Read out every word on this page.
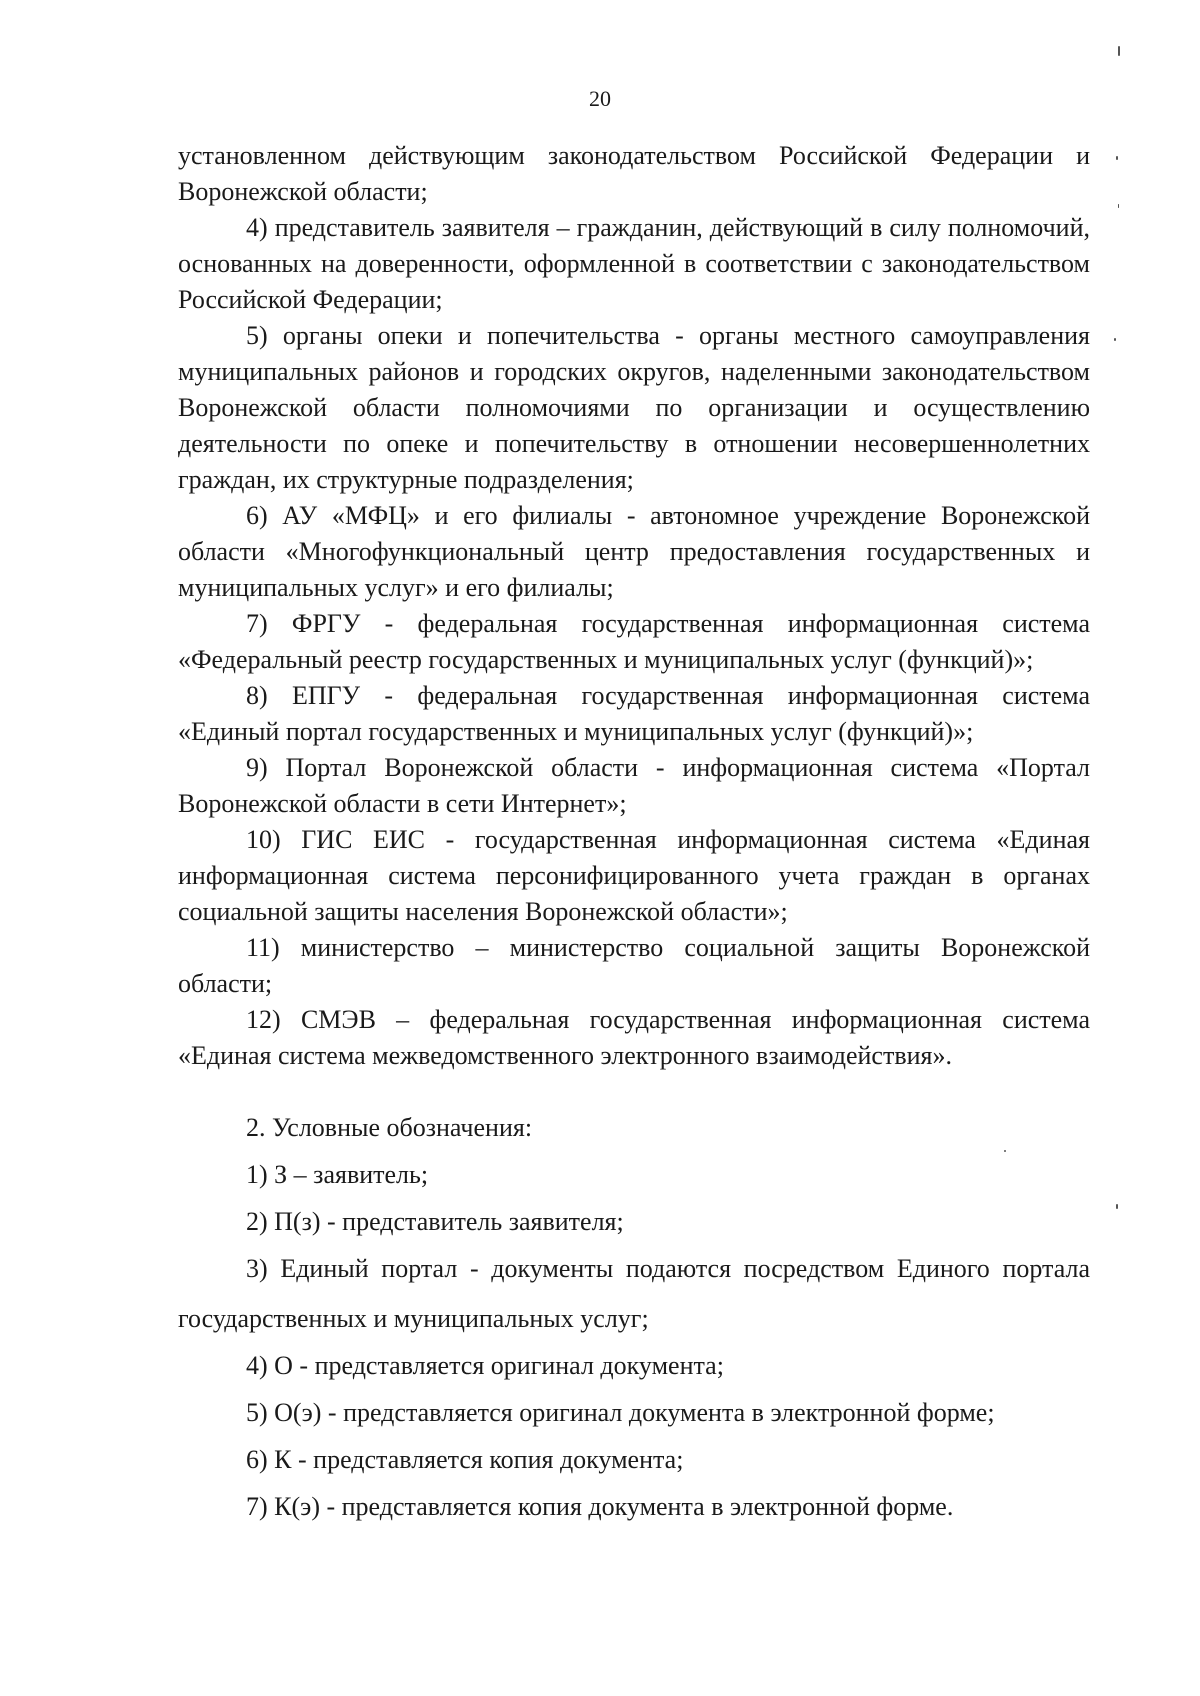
20

установленном действующим законодательством Российской Федерации и Воронежской области;

4) представитель заявителя – гражданин, действующий в силу полномочий, основанных на доверенности, оформленной в соответствии с законодательством Российской Федерации;

5) органы опеки и попечительства - органы местного самоуправления муниципальных районов и городских округов, наделенными законодательством Воронежской области полномочиями по организации и осуществлению деятельности по опеке и попечительству в отношении несовершеннолетних граждан, их структурные подразделения;

6) АУ «МФЦ» и его филиалы - автономное учреждение Воронежской области «Многофункциональный центр предоставления государственных и муниципальных услуг» и его филиалы;

7) ФРГУ - федеральная государственная информационная система «Федеральный реестр государственных и муниципальных услуг (функций)»;

8) ЕПГУ - федеральная государственная информационная система «Единый портал государственных и муниципальных услуг (функций)»;

9) Портал Воронежской области - информационная система «Портал Воронежской области в сети Интернет»;

10) ГИС ЕИС - государственная информационная система «Единая информационная система персонифицированного учета граждан в органах социальной защиты населения Воронежской области»;

11) министерство – министерство социальной защиты Воронежской области;

12) СМЭВ – федеральная государственная информационная система «Единая система межведомственного электронного взаимодействия».

2. Условные обозначения:

1) З – заявитель;

2) П(з) - представитель заявителя;

3) Единый портал - документы подаются посредством Единого портала государственных и муниципальных услуг;

4) О - представляется оригинал документа;

5) О(э) - представляется оригинал документа в электронной форме;

6) К - представляется копия документа;

7) К(э) - представляется копия документа в электронной форме.
